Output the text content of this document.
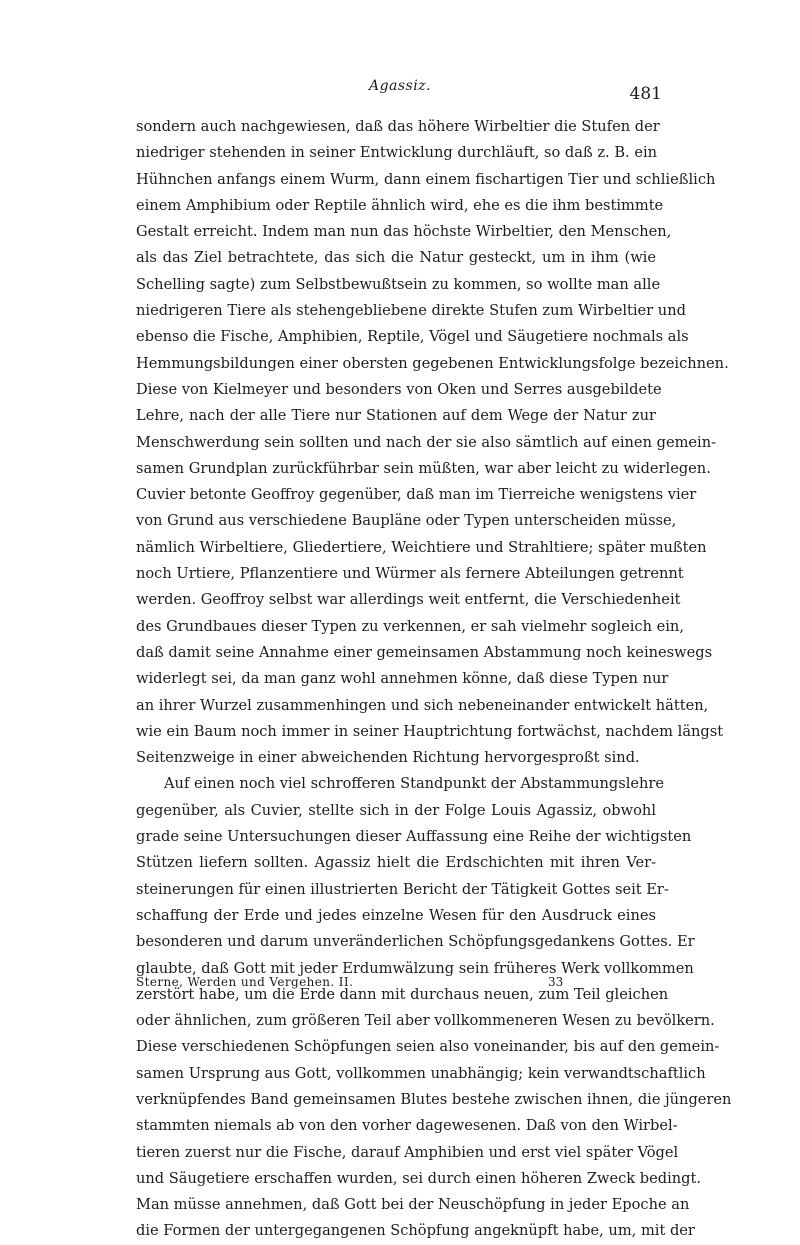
Agassiz.	481
sondern auch nachgewiesen, daß das höhere Wirbeltier die Stufen der
niedriger stehenden in seiner Entwicklung durchläuft, so daß z. B. ein
Hühnchen anfangs einem Wurm, dann einem fischartigen Tier und schließlich
einem Amphibium oder Reptile ähnlich wird, ehe es die ihm bestimmte
Gestalt erreicht. Indem man nun das höchste Wirbeltier, den Menschen,
als das Ziel betrachtete, das sich die Natur gesteckt, um in ihm (wie
Schelling sagte) zum Selbstbewußtsein zu kommen, so wollte man alle
niedrigeren Tiere als stehengebliebene direkte Stufen zum Wirbeltier und
ebenso die Fische, Amphibien, Reptile, Vögel und Säugetiere nochmals als
Hemmungsbildungen einer obersten gegebenen Entwicklungsfolge bezeichnen.
Diese von Kielmeyer und besonders von Oken und Serres ausgebildete
Lehre, nach der alle Tiere nur Stationen auf dem Wege der Natur zur
Menschwerdung sein sollten und nach der sie also sämtlich auf einen gemein-
samen Grundplan zurückführbar sein müßten, war aber leicht zu widerlegen.
Cuvier betonte Geoffroy gegenüber, daß man im Tierreiche wenigstens vier
von Grund aus verschiedene Baupläne oder Typen unterscheiden müsse,
nämlich Wirbeltiere, Gliedertiere, Weichtiere und Strahltiere; später mußten
noch Urtiere, Pflanzentiere und Würmer als fernere Abteilungen getrennt
werden. Geoffroy selbst war allerdings weit entfernt, die Verschiedenheit
des Grundbaues dieser Typen zu verkennen, er sah vielmehr sogleich ein,
daß damit seine Annahme einer gemeinsamen Abstammung noch keineswegs
widerlegt sei, da man ganz wohl annehmen könne, daß diese Typen nur
an ihrer Wurzel zusammenhingen und sich nebeneinander entwickelt hätten,
wie ein Baum noch immer in seiner Hauptrichtung fortwächst, nachdem längst
Seitenzweige in einer abweichenden Richtung hervorgesproßt sind.
Auf einen noch viel schrofferen Standpunkt der Abstammungslehre
gegenüber, als Cuvier, stellte sich in der Folge Louis Agassiz, obwohl
grade seine Untersuchungen dieser Auffassung eine Reihe der wichtigsten
Stützen liefern sollten. Agassiz hielt die Erdschichten mit ihren Ver-
steinerungen für einen illustrierten Bericht der Tätigkeit Gottes seit Er-
schaffung der Erde und jedes einzelne Wesen für den Ausdruck eines
besonderen und darum unveränderlichen Schöpfungsgedankens Gottes. Er
glaubte, daß Gott mit jeder Erdumwälzung sein früheres Werk vollkommen
zerstört habe, um die Erde dann mit durchaus neuen, zum Teil gleichen
oder ähnlichen, zum größeren Teil aber vollkommeneren Wesen zu bevölkern.
Diese verschiedenen Schöpfungen seien also voneinander, bis auf den gemein-
samen Ursprung aus Gott, vollkommen unabhängig; kein verwandtschaftlich
verknüpfendes Band gemeinsamen Blutes bestehe zwischen ihnen, die jüngeren
stammten niemals ab von den vorher dagewesenen. Daß von den Wirbel-
tieren zuerst nur die Fische, darauf Amphibien und erst viel später Vögel
und Säugetiere erschaffen wurden, sei durch einen höheren Zweck bedingt.
Man müsse annehmen, daß Gott bei der Neuschöpfung in jeder Epoche an
die Formen der untergegangenen Schöpfung angeknüpft habe, um, mit der
Sterne, Werden und Vergehen. II.	33
